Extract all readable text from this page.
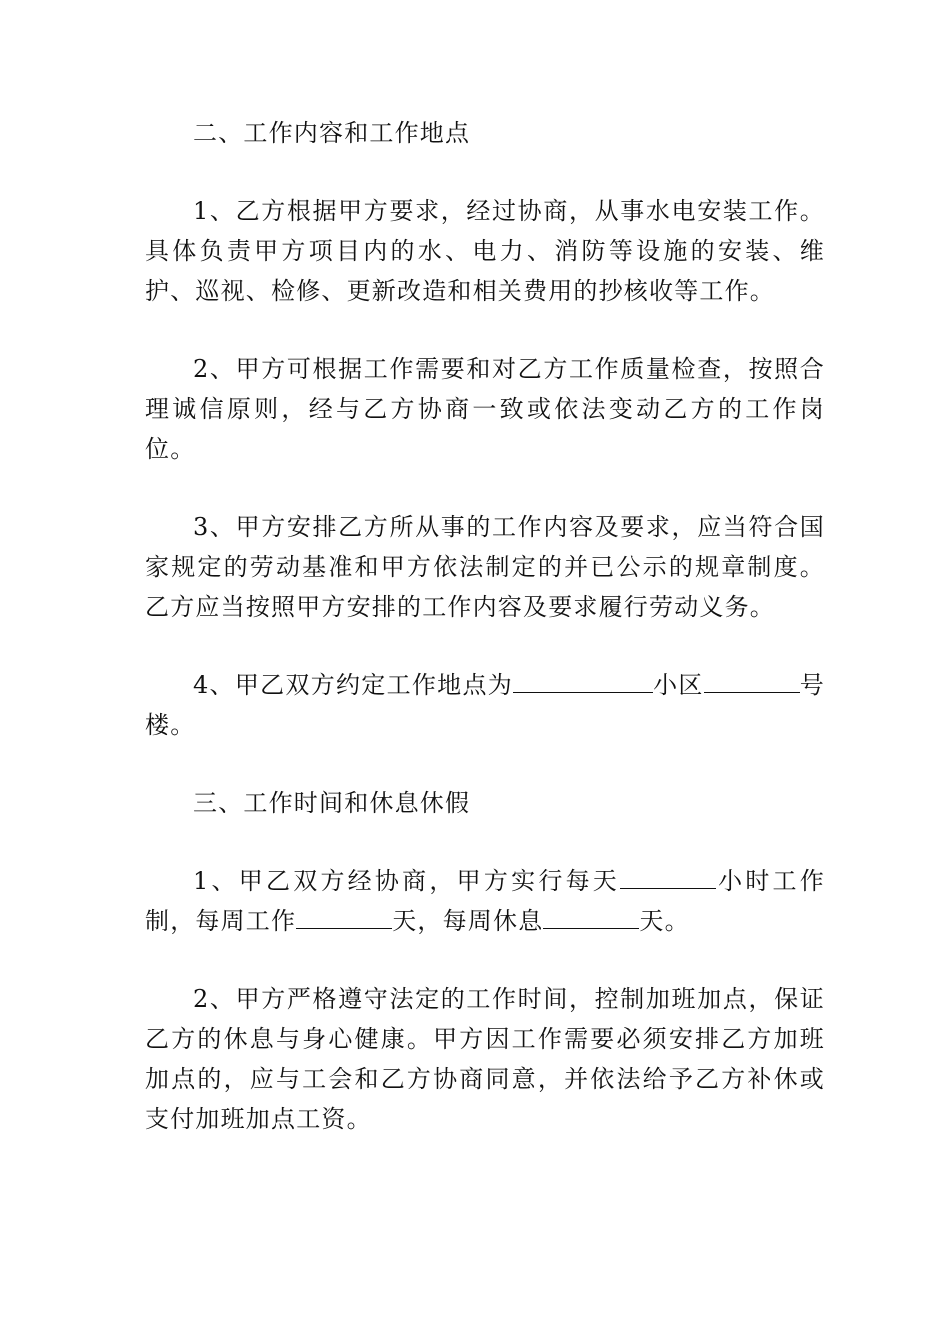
二、工作内容和工作地点

1、乙方根据甲方要求，经过协商，从事水电安装工作。具体负责甲方项目内的水、电力、消防等设施的安装、维护、巡视、检修、更新改造和相关费用的抄核收等工作。

2、甲方可根据工作需要和对乙方工作质量检查，按照合理诚信原则，经与乙方协商一致或依法变动乙方的工作岗位。

3、甲方安排乙方所从事的工作内容及要求，应当符合国家规定的劳动基准和甲方依法制定的并已公示的规章制度。乙方应当按照甲方安排的工作内容及要求履行劳动义务。

4、甲乙双方约定工作地点为	小区	号楼。

三、工作时间和休息休假

1、甲乙双方经协商，甲方实行每天	小时工作制，每周工作	天，每周休息	天。

2、甲方严格遵守法定的工作时间，控制加班加点，保证乙方的休息与身心健康。甲方因工作需要必须安排乙方加班加点的，应与工会和乙方协商同意，并依法给予乙方补休或支付加班加点工资。
